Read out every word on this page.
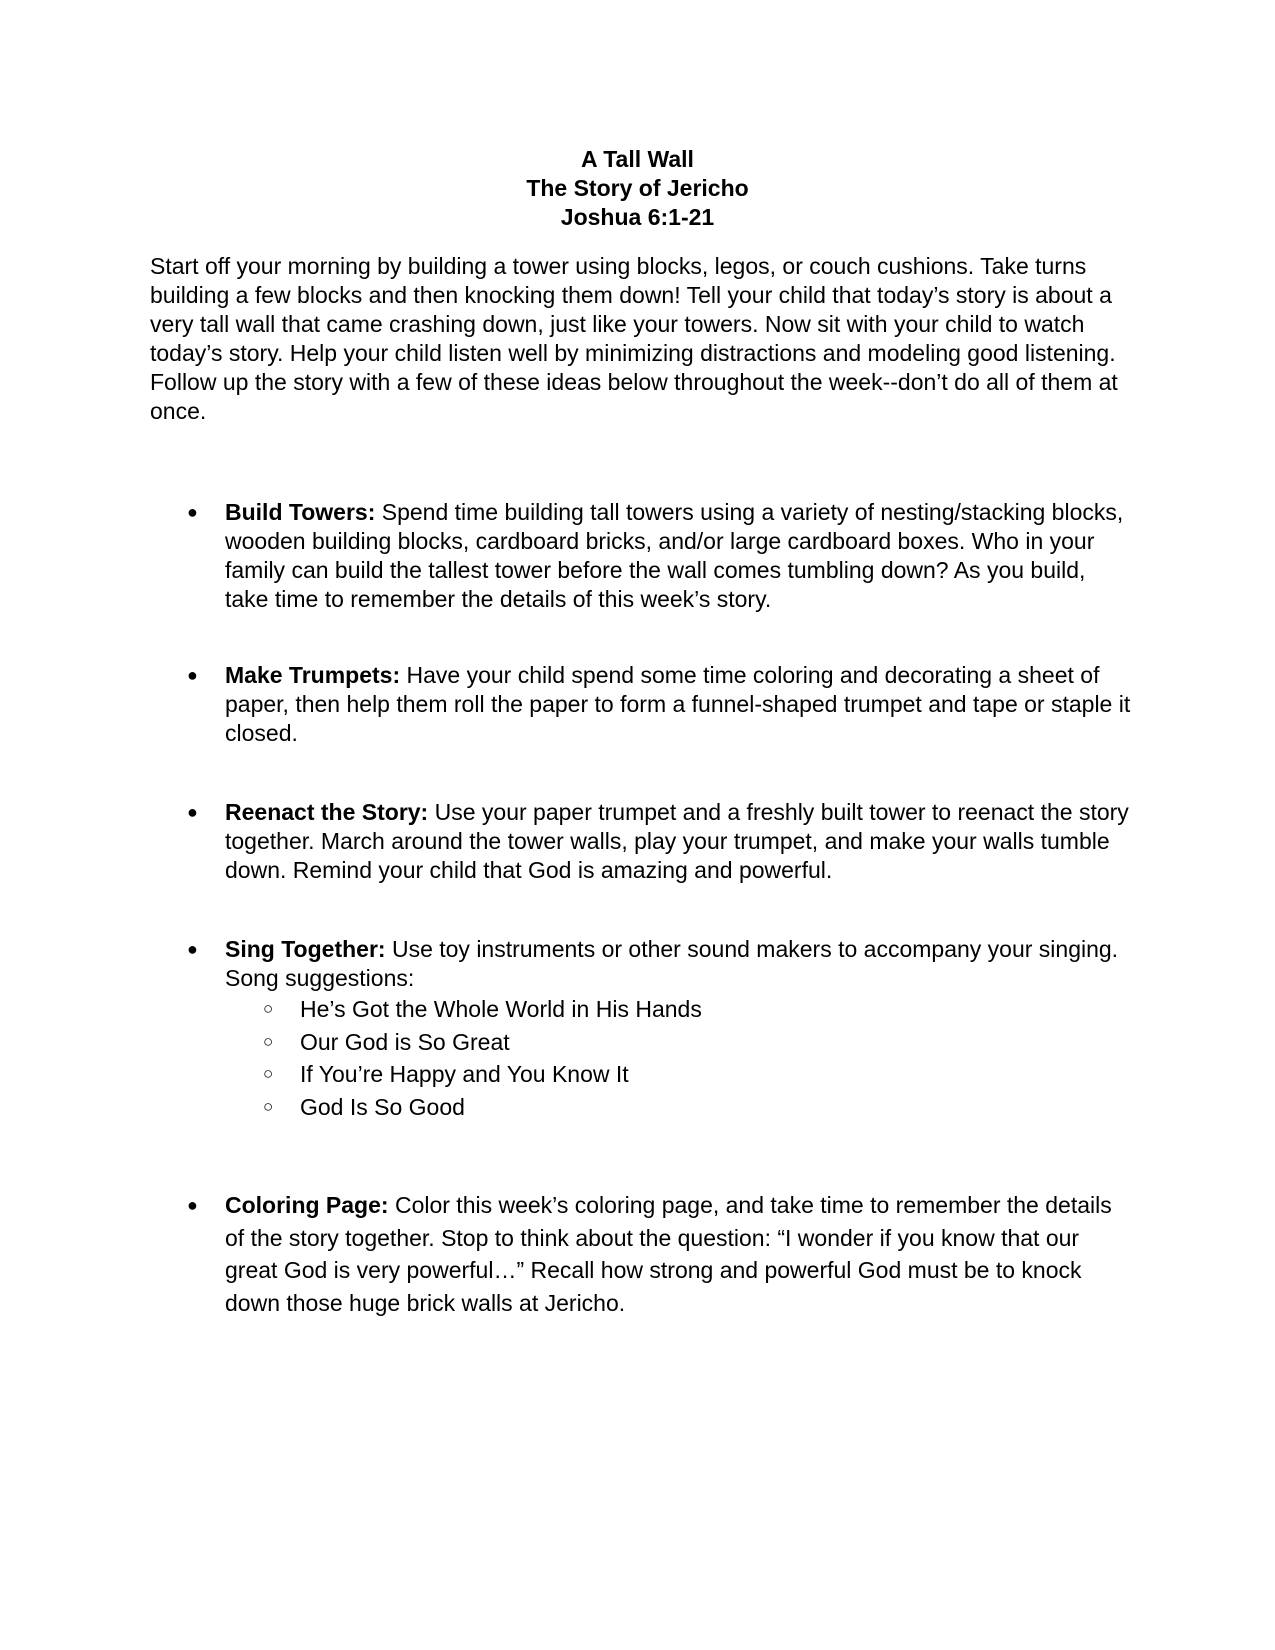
A Tall Wall
The Story of Jericho
Joshua 6:1-21

Start off your morning by building a tower using blocks, legos, or couch cushions. Take turns building a few blocks and then knocking them down! Tell your child that today’s story is about a very tall wall that came crashing down, just like your towers. Now sit with your child to watch today’s story. Help your child listen well by minimizing distractions and modeling good listening. Follow up the story with a few of these ideas below throughout the week--don’t do all of them at once.

● Build Towers: Spend time building tall towers using a variety of nesting/stacking blocks, wooden building blocks, cardboard bricks, and/or large cardboard boxes. Who in your family can build the tallest tower before the wall comes tumbling down? As you build, take time to remember the details of this week’s story.
● Make Trumpets: Have your child spend some time coloring and decorating a sheet of paper, then help them roll the paper to form a funnel-shaped trumpet and tape or staple it closed.
● Reenact the Story: Use your paper trumpet and a freshly built tower to reenact the story together. March around the tower walls, play your trumpet, and make your walls tumble down. Remind your child that God is amazing and powerful.
● Sing Together: Use toy instruments or other sound makers to accompany your singing. Song suggestions:
○ He’s Got the Whole World in His Hands
○ Our God is So Great
○ If You’re Happy and You Know It
○ God Is So Good
● Coloring Page: Color this week’s coloring page, and take time to remember the details of the story together. Stop to think about the question: “I wonder if you know that our great God is very powerful…” Recall how strong and powerful God must be to knock down those huge brick walls at Jericho.
